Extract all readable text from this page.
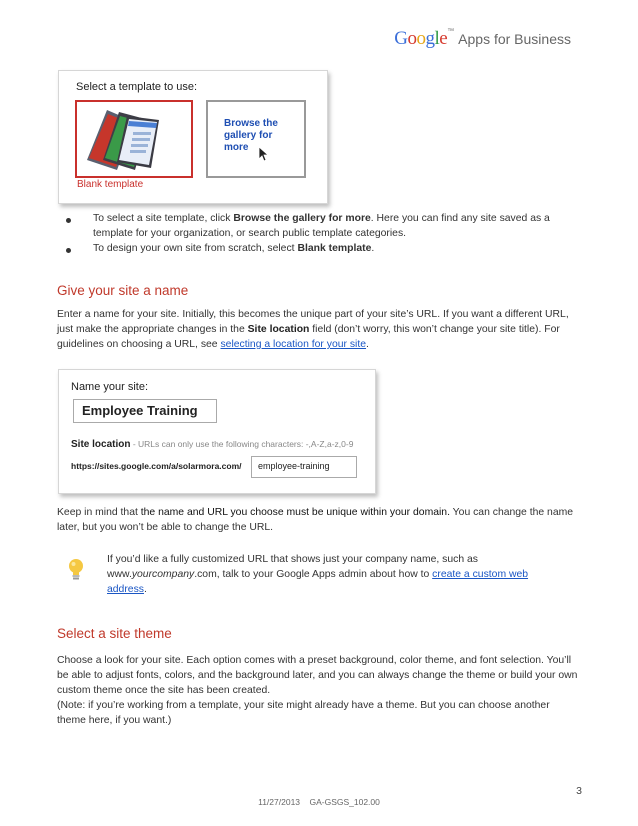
Google™ Apps for Business
Select a template to use:
Browse the gallery for more
Blank template
To select a site template, click Browse the gallery for more. Here you can find any site saved as a template for your organization, or search public template categories.
To design your own site from scratch, select Blank template.
Give your site a name
Enter a name for your site. Initially, this becomes the unique part of your site’s URL. If you want a different URL, just make the appropriate changes in the Site location field (don’t worry, this won’t change your site title). For guidelines on choosing a URL, see selecting a location for your site.
Name your site:
Employee Training
Site location - URLs can only use the following characters: -,A-Z,a-z,0-9
https://sites.google.com/a/solarmora.com/ employee-training
Keep in mind that the name and URL you choose must be unique within your domain. You can change the name later, but you won’t be able to change the URL.
If you’d like a fully customized URL that shows just your company name, such as www.yourcompany.com, talk to your Google Apps admin about how to create a custom web address.
Select a site theme
Choose a look for your site. Each option comes with a preset background, color theme, and font selection. You’ll be able to adjust fonts, colors, and the background later, and you can always change the theme or build your own custom theme once the site has been created.
(Note: if you’re working from a template, your site might already have a theme. But you can choose another theme here, if you want.)
3
11/27/2013    GA-GSGS_102.00
